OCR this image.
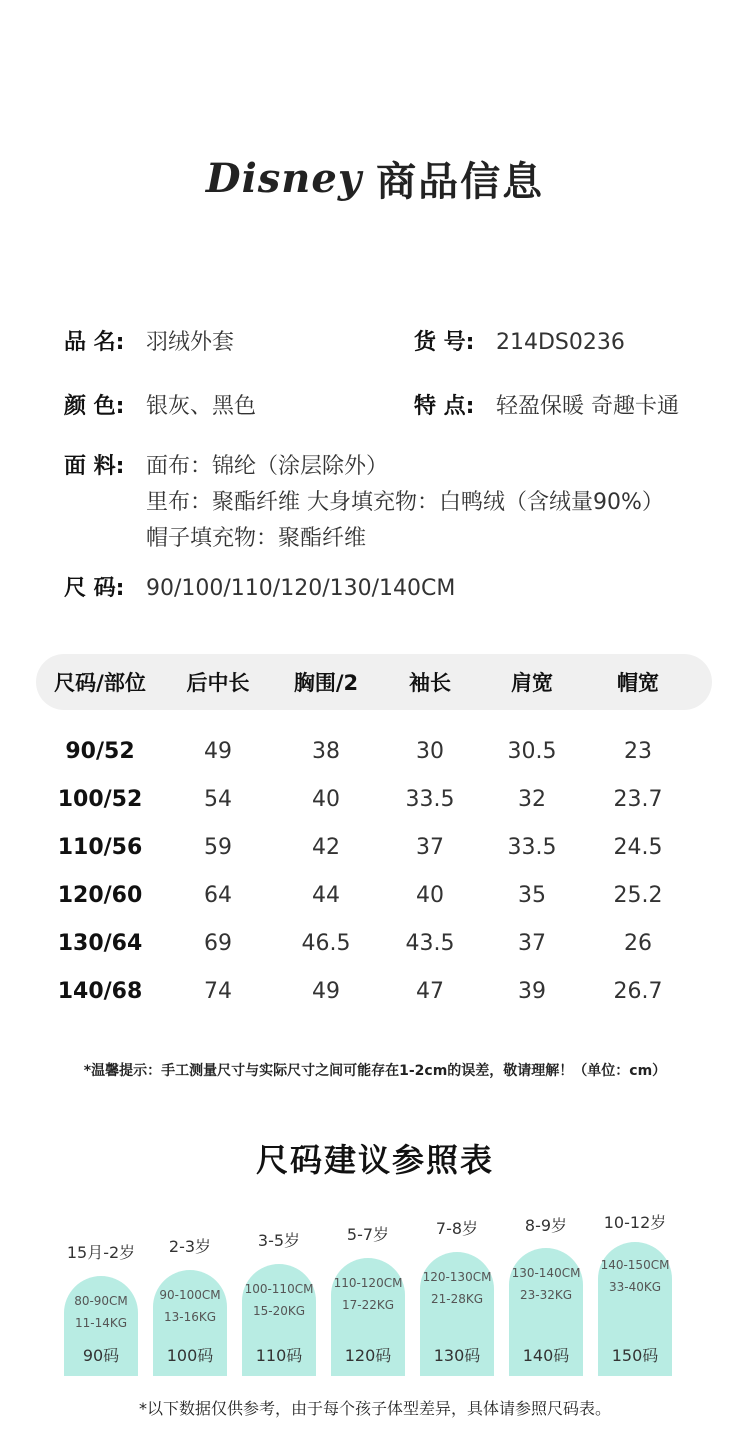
Disney 商品信息
品 名: 羽绒外套	货 号: 214DS0236
颜 色: 银灰、黑色	特 点: 轻盈保暖 奇趣卡通
面 料: 面布：锦纶（涂层除外）
里布：聚酯纤维 大身填充物：白鸭绒（含绒量90%）
帽子填充物：聚酯纤维
尺 码: 90/100/110/120/130/140CM
尺码/部位	后中长	胸围/2	袖长	肩宽	帽宽
90/52	49	38	30	30.5	23
100/52	54	40	33.5	32	23.7
110/56	59	42	37	33.5	24.5
120/60	64	44	40	35	25.2
130/64	69	46.5	43.5	37	26
140/68	74	49	47	39	26.7
*温馨提示：手工测量尺寸与实际尺寸之间可能存在1-2cm的误差，敬请理解！（单位：cm）
尺码建议参照表
15月-2岁
80-90CM
11-14KG
90码
2-3岁
90-100CM
13-16KG
100码
3-5岁
100-110CM
15-20KG
110码
5-7岁
110-120CM
17-22KG
120码
7-8岁
120-130CM
21-28KG
130码
8-9岁
130-140CM
23-32KG
140码
10-12岁
140-150CM
33-40KG
150码
*以下数据仅供参考，由于每个孩子体型差异，具体请参照尺码表。
